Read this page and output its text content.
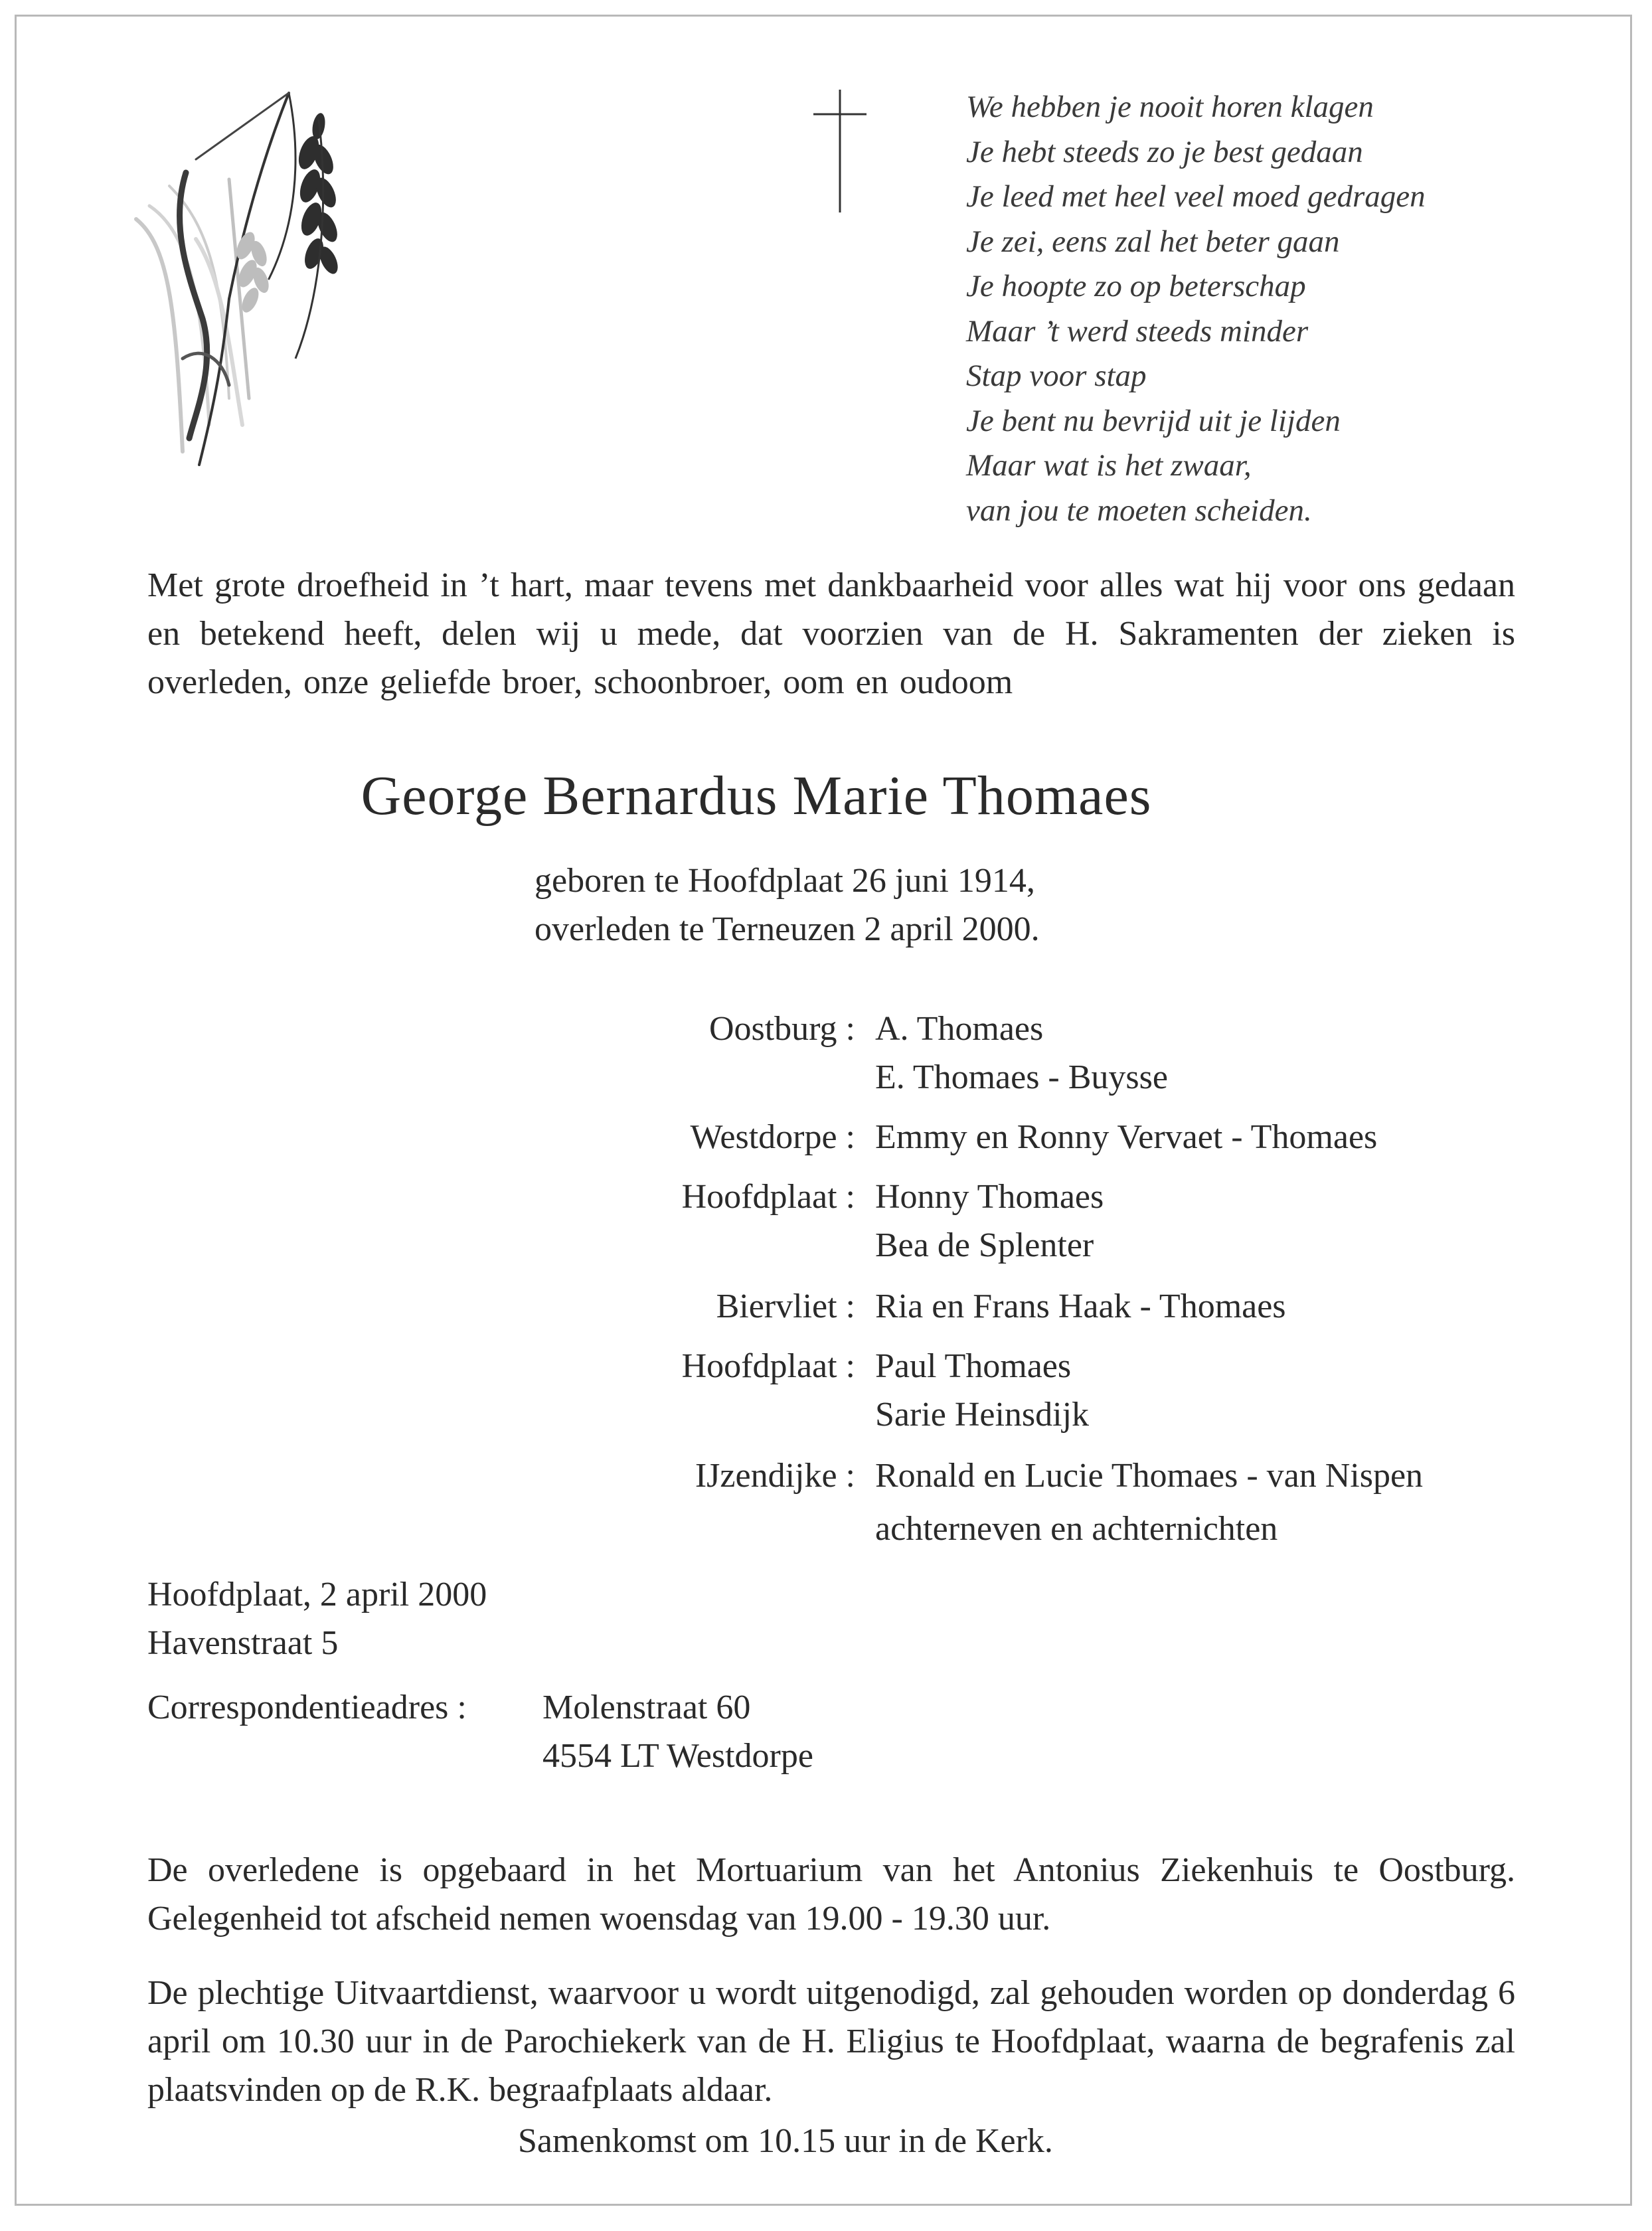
We hebben je nooit horen klagen
Je hebt steeds zo je best gedaan
Je leed met heel veel moed gedragen
Je zei, eens zal het beter gaan
Je hoopte zo op beterschap
Maar ’t werd steeds minder
Stap voor stap
Je bent nu bevrijd uit je lijden
Maar wat is het zwaar,
van jou te moeten scheiden.
Met grote droefheid in ’t hart, maar tevens met dankbaarheid voor alles wat hij voor ons gedaan en betekend heeft, delen wij u mede, dat voorzien van de H. Sakramenten der zieken is overleden, onze geliefde broer, schoonbroer, oom en oudoom
George Bernardus Marie Thomaes
geboren te Hoofdplaat 26 juni 1914,
overleden te Terneuzen 2 april 2000.
Oostburg : A. Thomaes
E. Thomaes - Buysse
Westdorpe : Emmy en Ronny Vervaet - Thomaes
Hoofdplaat : Honny Thomaes
Bea de Splenter
Biervliet : Ria en Frans Haak - Thomaes
Hoofdplaat : Paul Thomaes
Sarie Heinsdijk
IJzendijke : Ronald en Lucie Thomaes - van Nispen
achterneven en achternichten
Hoofdplaat, 2 april 2000
Havenstraat 5
Correspondentieadres : Molenstraat 60
4554 LT Westdorpe
De overledene is opgebaard in het Mortuarium van het Antonius Ziekenhuis te Oostburg. Gelegenheid tot afscheid nemen woensdag van 19.00 - 19.30 uur.
De plechtige Uitvaartdienst, waarvoor u wordt uitgenodigd, zal gehouden worden op donderdag 6 april om 10.30 uur in de Parochiekerk van de H. Eligius te Hoofdplaat, waarna de begrafenis zal plaatsvinden op de R.K. begraafplaats aldaar.
Samenkomst om 10.15 uur in de Kerk.
